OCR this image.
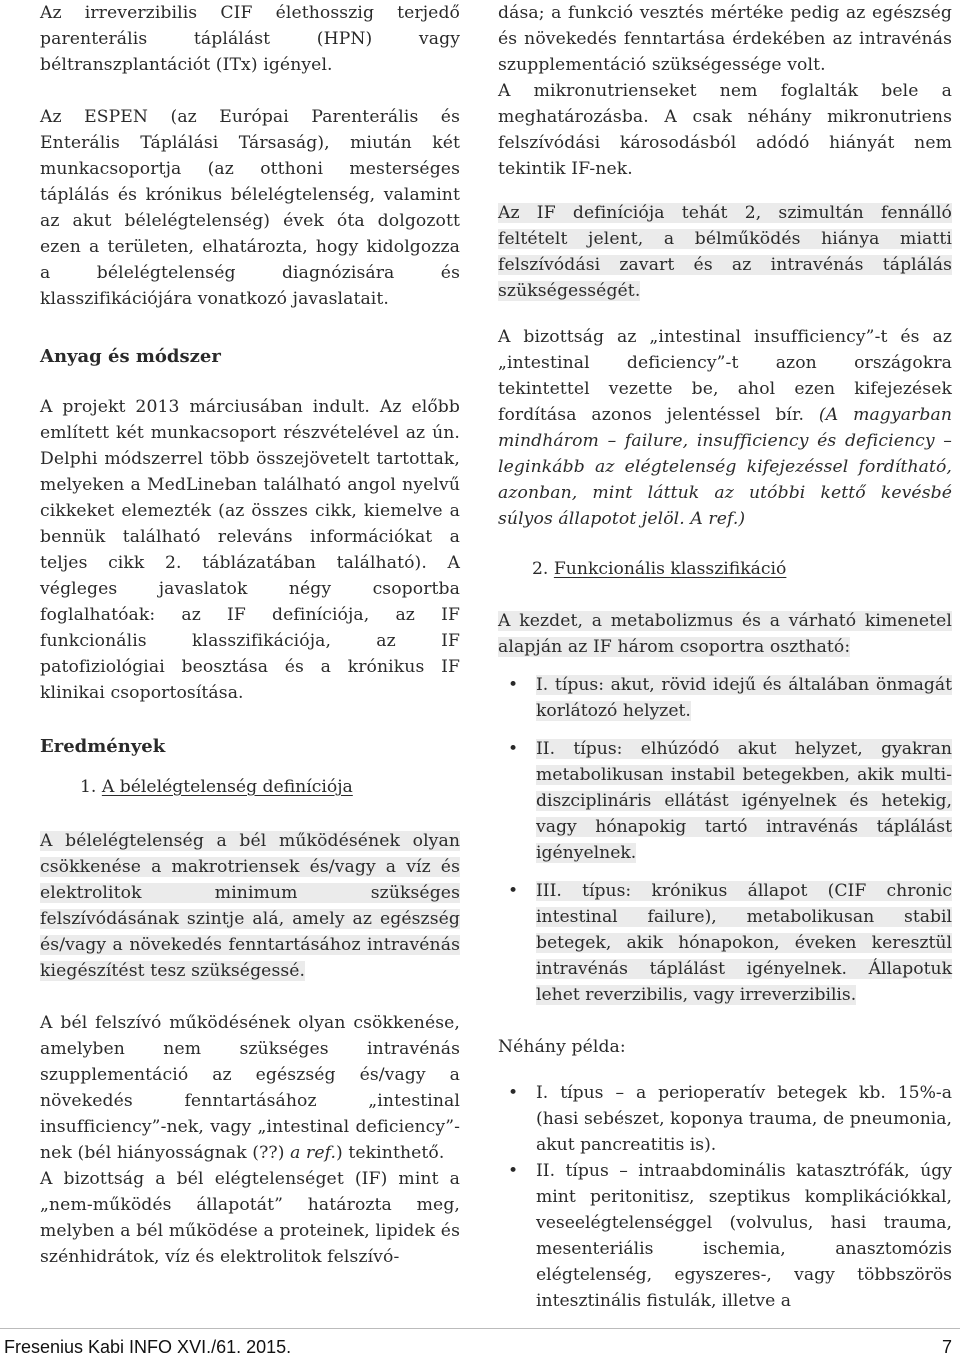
Az irreverzibilis CIF élethosszig terjedő parenterális táplálást (HPN) vagy béltranszplantációt (ITx) igényel.

Az ESPEN (az Európai Parenterális és Enterális Táplálási Társaság), miután két munkacsoportja (az otthoni mesterséges táplálás és krónikus bélelégtelenség, valamint az akut bélelégtelenség) évek óta dolgozott ezen a területen, elhatározta, hogy kidolgozza a bélelégtelenség diagnózisára és klasszifikációjára vonatkozó javaslatait.

Anyag és módszer

A projekt 2013 márciusában indult. Az előbb említett két munkacsoport részvételével az ún. Delphi módszerrel több összejövetelt tartottak, melyeken a MedLineban található angol nyelvű cikkeket elemezték (az összes cikk, kiemelve a bennük található releváns információkat a teljes cikk 2. táblázatában található). A végleges javaslatok négy csoportba foglalhatóak: az IF definíciója, az IF funkcionális klasszifikációja, az IF patofiziológiai beosztása és a krónikus IF klinikai csoportosítása.

Eredmények

1. A bélelégtelenség definíciója

A bélelégtelenség a bél működésének olyan csökkenése a makrotriensek és/vagy a víz és elektrolitok minimum szükséges felszívódásának szintje alá, amely az egészség és/vagy a növekedés fenntartásához intravénás kiegészítést tesz szükségessé.

A bél felszívó működésének olyan csökkenése, amelyben nem szükséges intravénás szupplementáció az egészség és/vagy a növekedés fenntartásához „intestinal insufficiency”-nek, vagy „intestinal deficiency”-nek (bél hiányosságnak (??) a ref.) tekinthető.

A bizottság a bél elégtelenséget (IF) mint a „nem-működés állapotát” határozta meg, melyben a bél működése a proteinek, lipidek és szénhidrátok, víz és elektrolitok felszívó-

dása; a funkció vesztés mértéke pedig az egészség és növekedés fenntartása érdekében az intravénás szupplementáció szükségessége volt.

A mikronutrienseket nem foglalták bele a meghatározásba. A csak néhány mikronutriens felszívódási károsodásból adódó hiányát nem tekintik IF-nek.

Az IF definíciója tehát 2, szimultán fennálló feltételt jelent, a bélműködés hiánya miatti felszívódási zavart és az intravénás táplálás szükségességét.

A bizottság az „intestinal insufficiency”-t és az „intestinal deficiency”-t azon országokra tekintettel vezette be, ahol ezen kifejezések fordítása azonos jelentéssel bír. (A magyarban mindhárom – failure, insufficiency és deficiency – leginkább az elégtelenség kifejezéssel fordítható, azonban, mint láttuk az utóbbi kettő kevésbé súlyos állapotot jelöl. A ref.)

2. Funkcionális klasszifikáció

A kezdet, a metabolizmus és a várható kimenetel alapján az IF három csoportra osztható:

• I. típus: akut, rövid idejű és általában önmagát korlátozó helyzet.
• II. típus: elhúzódó akut helyzet, gyakran metabolikusan instabil betegekben, akik multi-diszciplináris ellátást igényelnek és hetekig, vagy hónapokig tartó intravénás táplálást igényelnek.
• III. típus: krónikus állapot (CIF chronic intestinal failure), metabolikusan stabil betegek, akik hónapokon, éveken keresztül intravénás táplálást igényelnek. Állapotuk lehet reverzibilis, vagy irreverzibilis.

Néhány példa:

• I. típus – a perioperatív betegek kb. 15%-a (hasi sebészet, koponya trauma, de pneumonia, akut pancreatitis is).
• II. típus – intraabdominális katasztrófák, úgy mint peritonitisz, szeptikus komplikációkkal, veseelégtelenséggel (volvulus, hasi trauma, mesenteriális ischemia, anasztomózis elégtelenség, egyszeres-, vagy többszörös intesztinális fistulák, illetve a
Fresenius Kabi INFO XVI./61. 2015.	7
